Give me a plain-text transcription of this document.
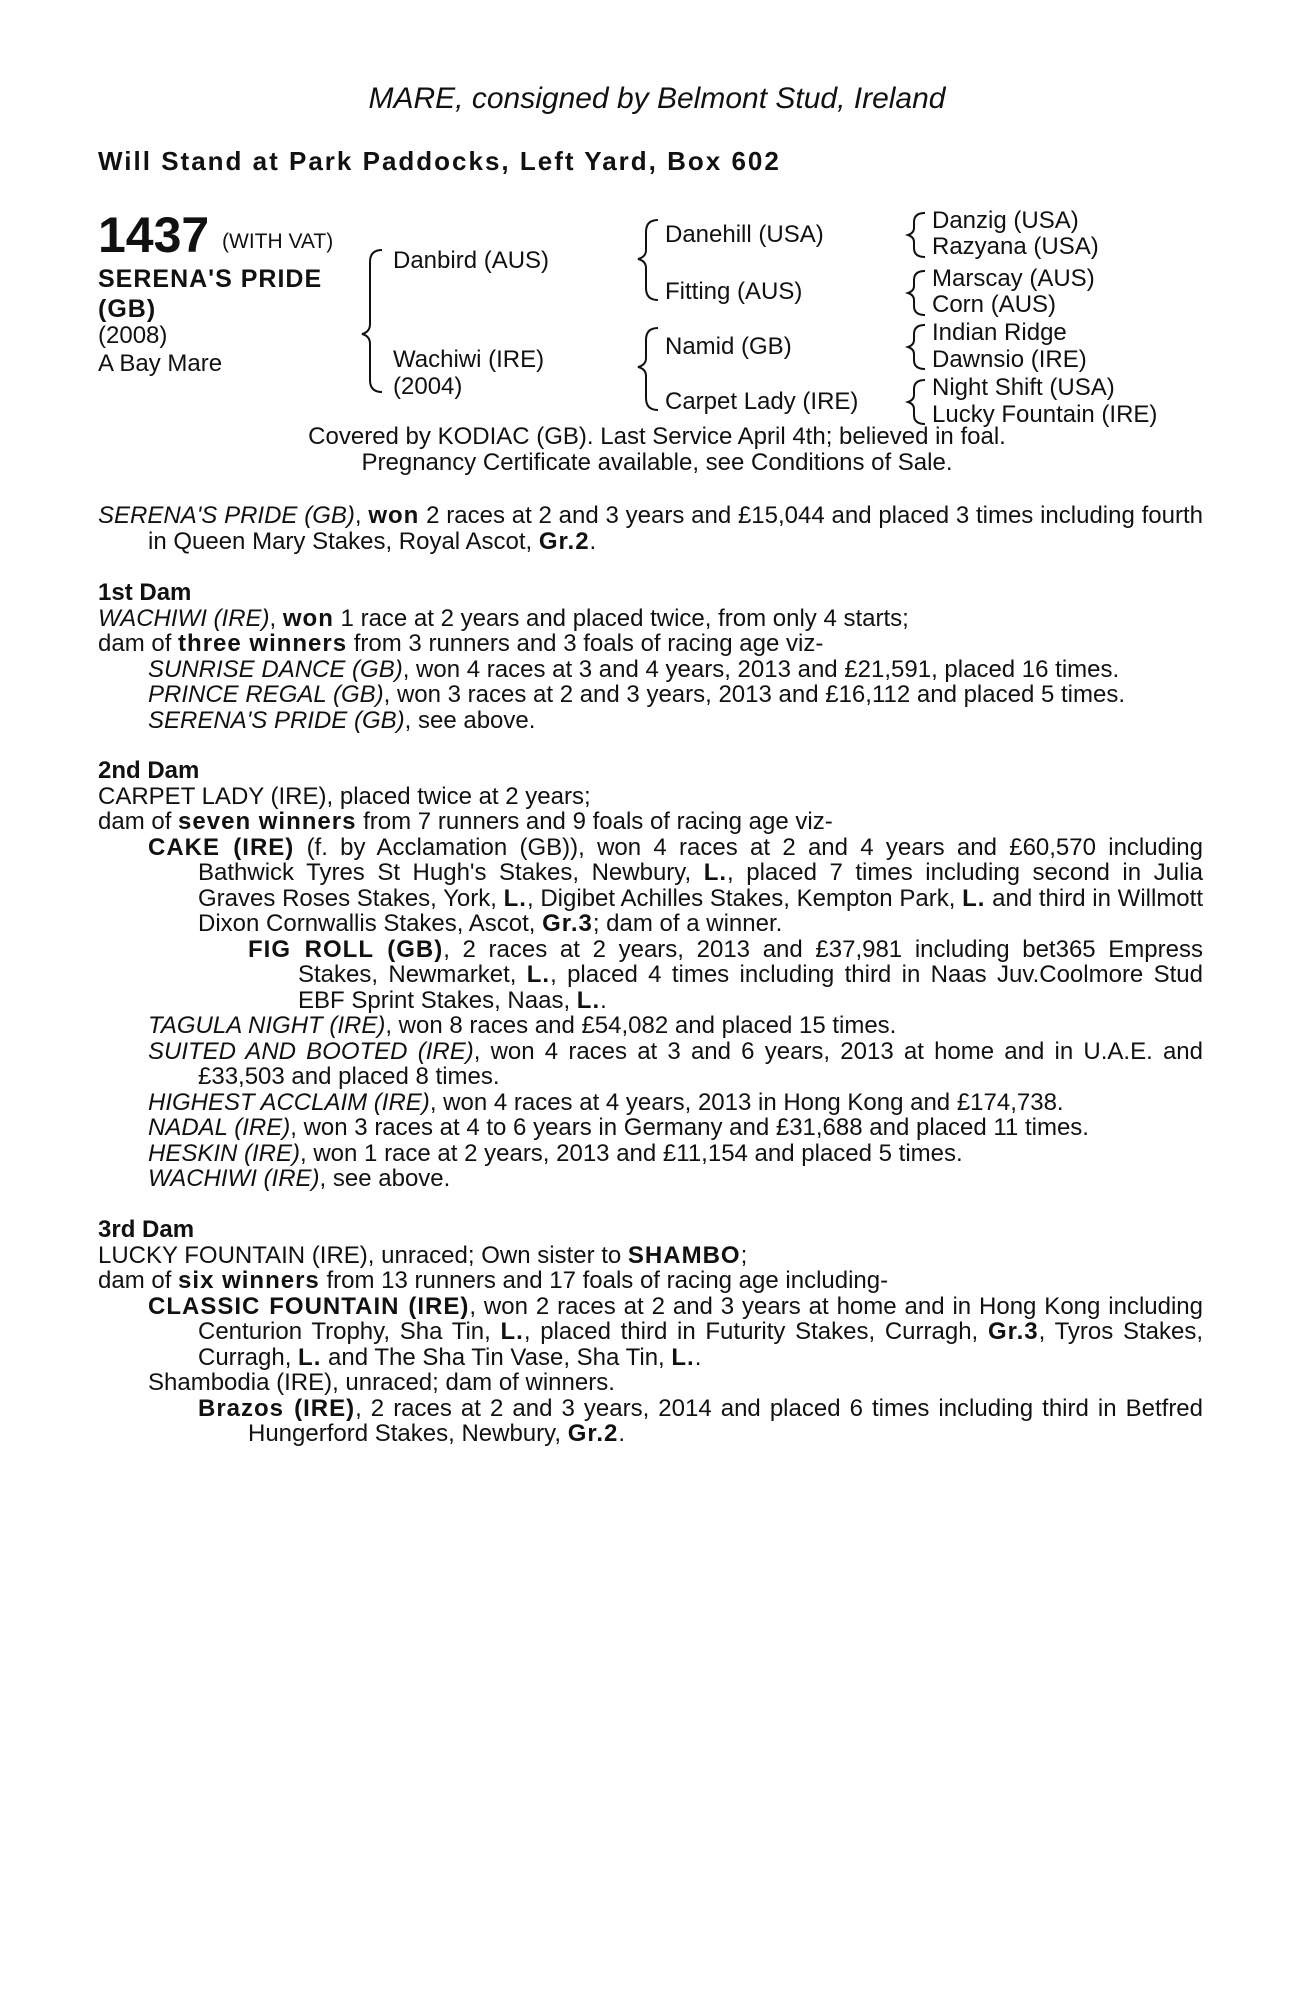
MARE, consigned by Belmont Stud, Ireland
Will Stand at Park Paddocks, Left Yard, Box 602
1437 (WITH VAT)
SERENA'S PRIDE
(GB)
(2008)
A Bay Mare
Danbird (AUS)
Wachiwi (IRE)
(2004)
Danehill (USA)
Fitting (AUS)
Namid (GB)
Carpet Lady (IRE)
Danzig (USA)
Razyana (USA)
Marscay (AUS)
Corn (AUS)
Indian Ridge
Dawnsio (IRE)
Night Shift (USA)
Lucky Fountain (IRE)
Covered by KODIAC (GB). Last Service April 4th; believed in foal.
Pregnancy Certificate available, see Conditions of Sale.

SERENA'S PRIDE (GB), won 2 races at 2 and 3 years and £15,044 and placed 3 times including fourth in Queen Mary Stakes, Royal Ascot, Gr.2.

1st Dam

WACHIWI (IRE), won 1 race at 2 years and placed twice, from only 4 starts;

dam of three winners from 3 runners and 3 foals of racing age viz-

SUNRISE DANCE (GB), won 4 races at 3 and 4 years, 2013 and £21,591, placed 16 times.

PRINCE REGAL (GB), won 3 races at 2 and 3 years, 2013 and £16,112 and placed 5 times.

SERENA'S PRIDE (GB), see above.

2nd Dam

CARPET LADY (IRE), placed twice at 2 years;

dam of seven winners from 7 runners and 9 foals of racing age viz-

CAKE (IRE) (f. by Acclamation (GB)), won 4 races at 2 and 4 years and £60,570 including Bathwick Tyres St Hugh's Stakes, Newbury, L., placed 7 times including second in Julia Graves Roses Stakes, York, L., Digibet Achilles Stakes, Kempton Park, L. and third in Willmott Dixon Cornwallis Stakes, Ascot, Gr.3; dam of a winner.

FIG ROLL (GB), 2 races at 2 years, 2013 and £37,981 including bet365 Empress Stakes, Newmarket, L., placed 4 times including third in Naas Juv.Coolmore Stud EBF Sprint Stakes, Naas, L..

TAGULA NIGHT (IRE), won 8 races and £54,082 and placed 15 times.

SUITED AND BOOTED (IRE), won 4 races at 3 and 6 years, 2013 at home and in U.A.E. and £33,503 and placed 8 times.

HIGHEST ACCLAIM (IRE), won 4 races at 4 years, 2013 in Hong Kong and £174,738.

NADAL (IRE), won 3 races at 4 to 6 years in Germany and £31,688 and placed 11 times.

HESKIN (IRE), won 1 race at 2 years, 2013 and £11,154 and placed 5 times.

WACHIWI (IRE), see above.

3rd Dam

LUCKY FOUNTAIN (IRE), unraced; Own sister to SHAMBO;

dam of six winners from 13 runners and 17 foals of racing age including-

CLASSIC FOUNTAIN (IRE), won 2 races at 2 and 3 years at home and in Hong Kong including Centurion Trophy, Sha Tin, L., placed third in Futurity Stakes, Curragh, Gr.3, Tyros Stakes, Curragh, L. and The Sha Tin Vase, Sha Tin, L..

Shambodia (IRE), unraced; dam of winners.

Brazos (IRE), 2 races at 2 and 3 years, 2014 and placed 6 times including third in Betfred Hungerford Stakes, Newbury, Gr.2.
